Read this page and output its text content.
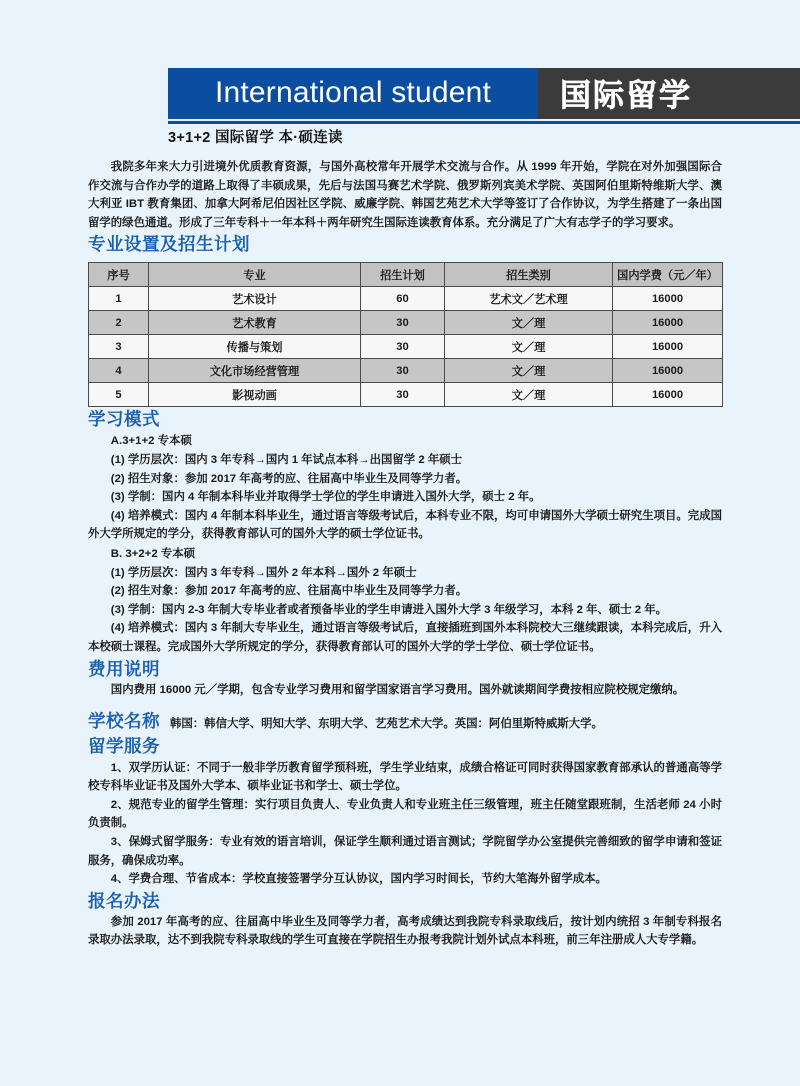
International student 国际留学
3+1+2 国际留学 本·硕连读

我院多年来大力引进境外优质教育资源，与国外高校常年开展学术交流与合作。从 1999 年开始，学院在对外加强国际合作交流与合作办学的道路上取得了丰硕成果，先后与法国马赛艺术学院、俄罗斯列宾美术学院、英国阿伯里斯特维斯大学、澳大利亚 IBT 教育集团、加拿大阿希尼伯因社区学院、威廉学院、韩国艺苑艺术大学等签订了合作协议，为学生搭建了一条出国留学的绿色通道。形成了三年专科＋一年本科＋两年研究生国际连读教育体系。充分满足了广大有志学子的学习要求。

专业设置及招生计划
序号	专业	招生计划	招生类别	国内学费（元／年）
1	艺术设计	60	艺术文／艺术理	16000
2	艺术教育	30	文／理	16000
3	传播与策划	30	文／理	16000
4	文化市场经营管理	30	文／理	16000
5	影视动画	30	文／理	16000
学习模式

A.3+1+2 专本硕

(1) 学历层次：国内 3 年专科→国内 1 年试点本科→出国留学 2 年硕士

(2) 招生对象：参加 2017 年高考的应、往届高中毕业生及同等学力者。

(3) 学制：国内 4 年制本科毕业并取得学士学位的学生申请进入国外大学，硕士 2 年。

(4) 培养模式：国内 4 年制本科毕业生，通过语言等级考试后，本科专业不限，均可申请国外大学硕士研究生项目。完成国外大学所规定的学分，获得教育部认可的国外大学的硕士学位证书。

B. 3+2+2 专本硕

(1) 学历层次：国内 3 年专科→国外 2 年本科→国外 2 年硕士

(2) 招生对象：参加 2017 年高考的应、往届高中毕业生及同等学力者。

(3) 学制：国内 2-3 年制大专毕业者或者预备毕业的学生申请进入国外大学 3 年级学习，本科 2 年、硕士 2 年。

(4) 培养模式：国内 3 年制大专毕业生，通过语言等级考试后，直接插班到国外本科院校大三继续跟读，本科完成后，升入本校硕士课程。完成国外大学所规定的学分，获得教育部认可的国外大学的学士学位、硕士学位证书。

费用说明

国内费用 16000 元／学期，包含专业学习费用和留学国家语言学习费用。国外就读期间学费按相应院校规定缴纳。

学校名称 韩国：韩信大学、明知大学、东明大学、艺苑艺术大学。英国：阿伯里斯特威斯大学。
留学服务

1、双学历认证：不同于一般非学历教育留学预科班，学生学业结束，成绩合格证可同时获得国家教育部承认的普通高等学校专科毕业证书及国外大学本、硕毕业证书和学士、硕士学位。

2、规范专业的留学生管理：实行项目负责人、专业负责人和专业班主任三级管理，班主任随堂跟班制，生活老师 24 小时负责制。

3、保姆式留学服务：专业有效的语言培训，保证学生顺利通过语言测试；学院留学办公室提供完善细致的留学申请和签证服务，确保成功率。

4、学费合理、节省成本：学校直接签署学分互认协议，国内学习时间长，节约大笔海外留学成本。

报名办法

参加 2017 年高考的应、往届高中毕业生及同等学力者，高考成绩达到我院专科录取线后，按计划内统招 3 年制专科报名录取办法录取，达不到我院专科录取线的学生可直接在学院招生办报考我院计划外试点本科班，前三年注册成人大专学籍。
